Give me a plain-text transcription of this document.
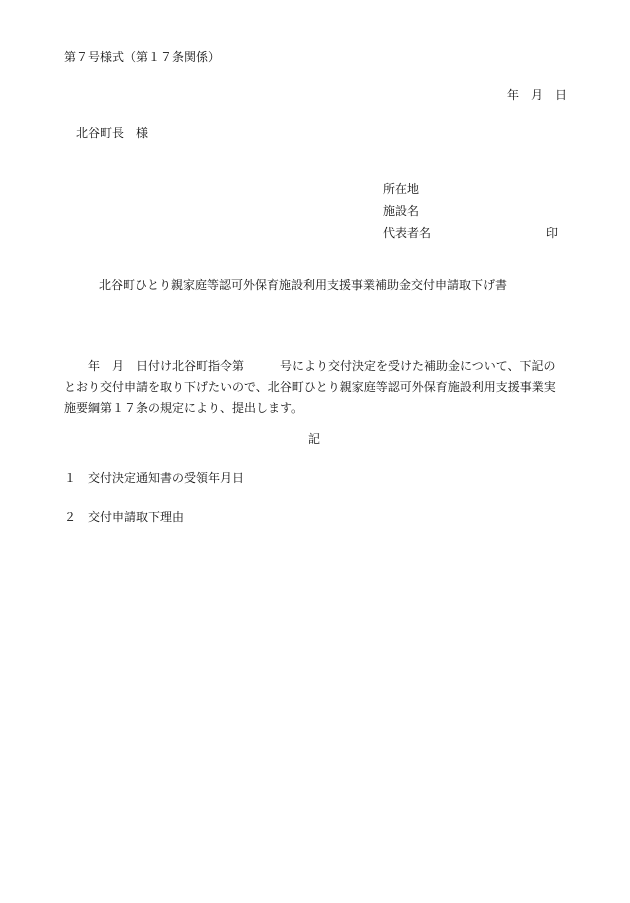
第７号様式（第１７条関係）
年　月　日
北谷町長　様
所在地
施設名
代表者名	印
北谷町ひとり親家庭等認可外保育施設利用支援事業補助金交付申請取下げ書
　　年　月　日付け北谷町指令第　　　号により交付決定を受けた補助金について、下記の
とおり交付申請を取り下げたいので、北谷町ひとり親家庭等認可外保育施設利用支援事業実
施要綱第１７条の規定により、提出します。
記
１　交付決定通知書の受領年月日
２　交付申請取下理由
